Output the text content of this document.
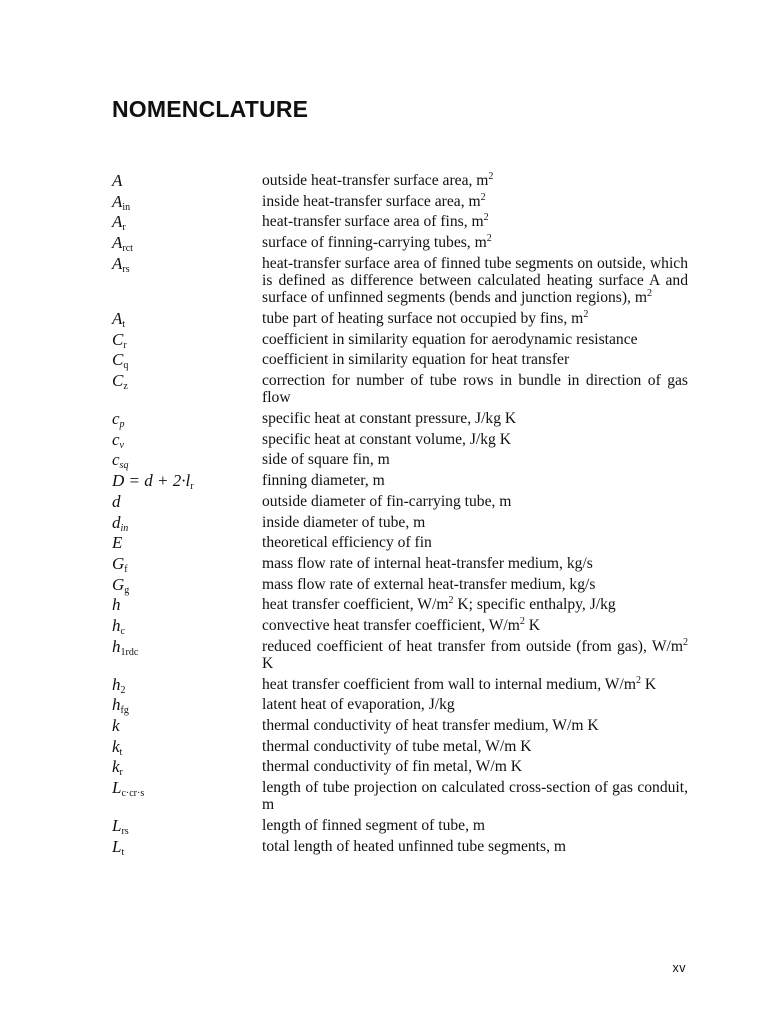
NOMENCLATURE
A	outside heat-transfer surface area, $m^2$
$A_{in}$	inside heat-transfer surface area, $m^2$
$A_r$	heat-transfer surface area of fins, $m^2$
$A_{rct}$	surface of finning-carrying tubes, $m^2$
$A_{rs}$	heat-transfer surface area of finned tube segments on outside, which is defined as difference between calculated heating surface A and surface of unfinned segments (bends and junction regions), $m^2$
$A_t$	tube part of heating surface not occupied by fins, $m^2$
$C_r$	coefficient in similarity equation for aerodynamic resistance
$C_q$	coefficient in similarity equation for heat transfer
$C_z$	correction for number of tube rows in bundle in direction of gas flow
$c_p$	specific heat at constant pressure, J/kg K
$c_v$	specific heat at constant volume, J/kg K
$c_{sq}$	side of square fin, m
$D = d + 2\cdot l_r$	finning diameter, m
d	outside diameter of fin-carrying tube, m
$d_{in}$	inside diameter of tube, m
E	theoretical efficiency of fin
$G_f$	mass flow rate of internal heat-transfer medium, kg/s
$G_g$	mass flow rate of external heat-transfer medium, kg/s
h	heat transfer coefficient, $W/m^2$ K; specific enthalpy, J/kg
$h_c$	convective heat transfer coefficient, $W/m^2$ K
$h_{1rdc}$	reduced coefficient of heat transfer from outside (from gas), $W/m^2$ K
$h_2$	heat transfer coefficient from wall to internal medium, $W/m^2$ K
$h_{fg}$	latent heat of evaporation, J/kg
k	thermal conductivity of heat transfer medium, W/m K
$k_t$	thermal conductivity of tube metal, W/m K
$k_r$	thermal conductivity of fin metal, W/m K
$L_{c\cdot cr\cdot s}$	length of tube projection on calculated cross-section of gas conduit, m
$L_{rs}$	length of finned segment of tube, m
$L_t$	total length of heated unfinned tube segments, m
xv
